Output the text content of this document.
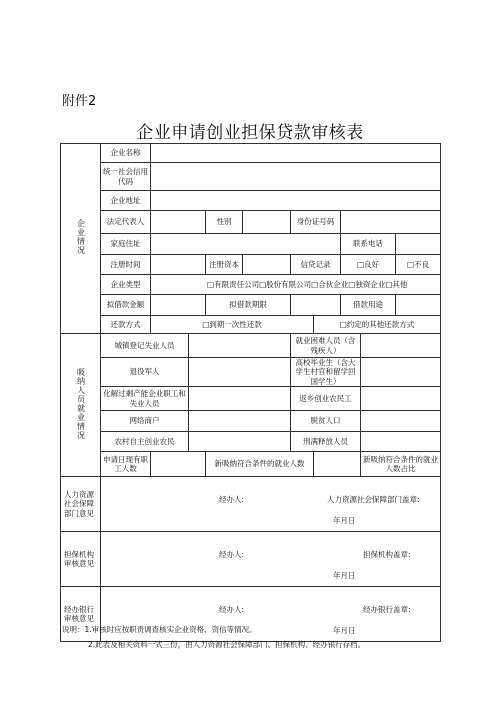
附件2
企业申请创业担保贷款审核表
企业情况	企业名称									
	统一社会信用代码									
	企业地址									
	法定代表人			性别		身份证号码				
	家庭住址							联系电话		
	注册时间			注册资本		信贷记录		□良好		□不良
	企业类型	□有限责任公司□股份有限公司□合伙企业□独资企业□其他								
	拟借款金额			拟借款期限				借款用途		
	还款方式	□到期一次性还款					□约定的其他还款方式			
吸纳人员就业情况	城镇登记失业人员					就业困难人员（含残疾人）				
	退役军人					高校毕业生（含大学生村官和留学回国学生）				
	化解过剩产能企业职工和失业人员					返乡创业农民工				
	网络商户					脱贫人口				
	农村自主创业农民					刑满释放人员				
	申请日现有职工人数			新吸纳符合条件的就业人数					新吸纳符合条件的就业人数占比	

人力资源社会保障部门意见	经办人: 人力资源社会保障部门盖章:
年月日									

担保机构审核意见	经办人: 担保机构盖章:
年月日									

经办银行审核意见	经办人: 经办银行盖章:
年月日									
说明：1.审核时应按职责调查核实企业资格、资信等情况。
2.此表及相关资料一式三份，由人力资源社会保障部门、担保机构、经办银行存档。
